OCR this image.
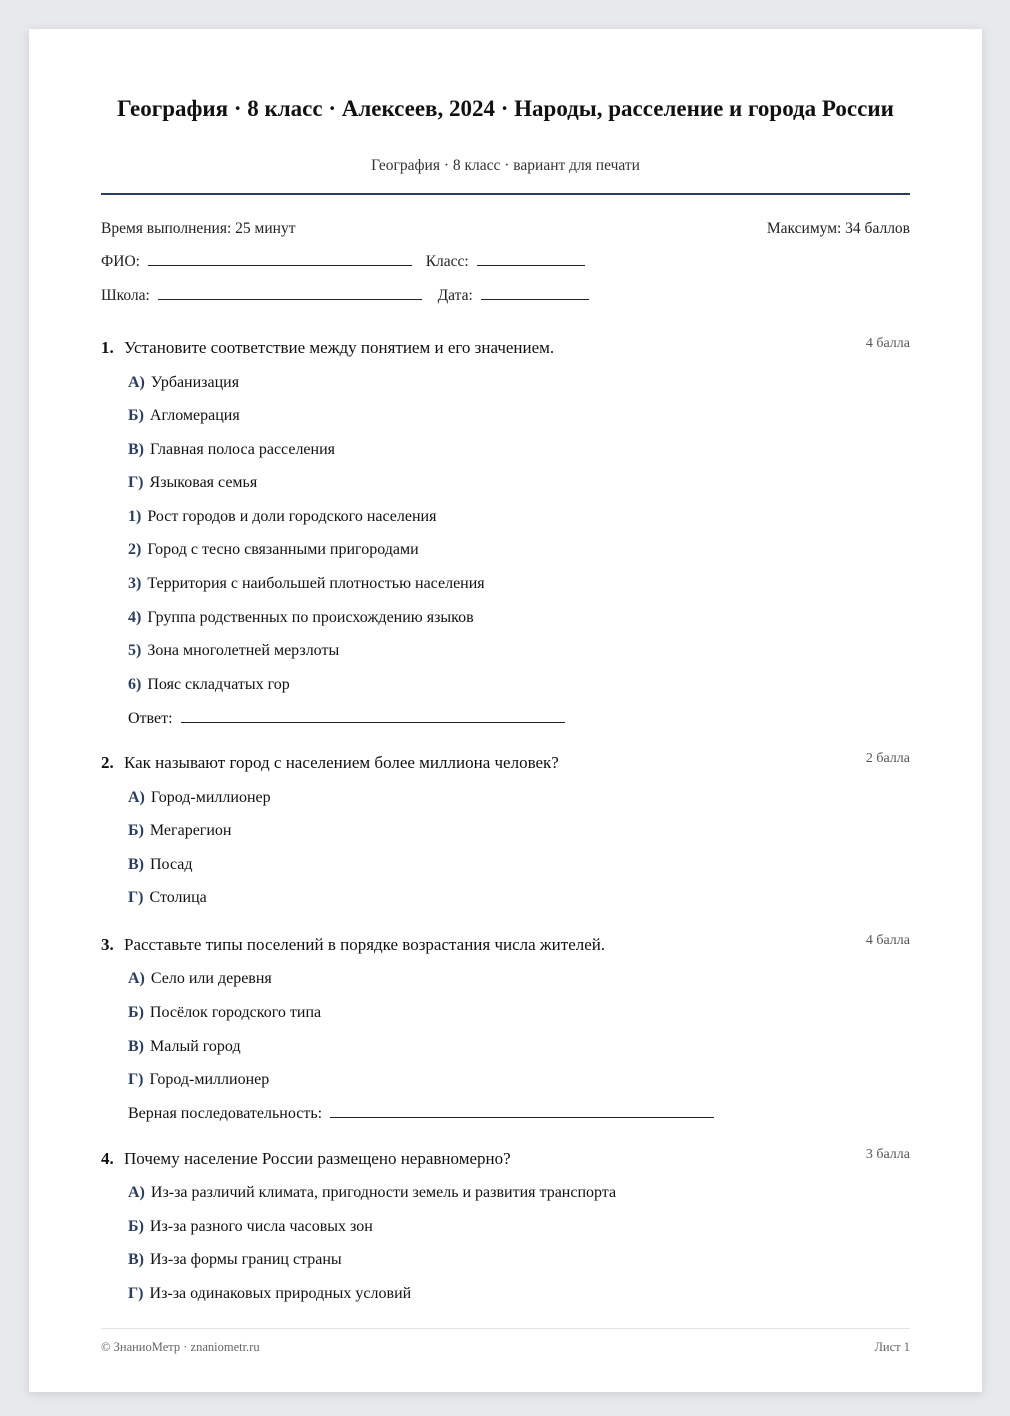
География · 8 класс · Алексеев, 2024 · Народы, расселение и города России
География · 8 класс · вариант для печати
Время выполнения: 25 минут	Максимум: 34 баллов
ФИО:	Класс:
Школа:	Дата:
1. Установите соответствие между понятием и его значением.	4 балла
А) Урбанизация
Б) Агломерация
В) Главная полоса расселения
Г) Языковая семья
1) Рост городов и доли городского населения
2) Город с тесно связанными пригородами
3) Территория с наибольшей плотностью населения
4) Группа родственных по происхождению языков
5) Зона многолетней мерзлоты
6) Пояс складчатых гор
Ответ:
2. Как называют город с населением более миллиона человек?	2 балла
А) Город-миллионер
Б) Мегарегион
В) Посад
Г) Столица
3. Расставьте типы поселений в порядке возрастания числа жителей.	4 балла
А) Село или деревня
Б) Посёлок городского типа
В) Малый город
Г) Город-миллионер
Верная последовательность:
4. Почему население России размещено неравномерно?	3 балла
А) Из-за различий климата, пригодности земель и развития транспорта
Б) Из-за разного числа часовых зон
В) Из-за формы границ страны
Г) Из-за одинаковых природных условий
© ЗнаниоМетр · znaniometr.ru	Лист 1
